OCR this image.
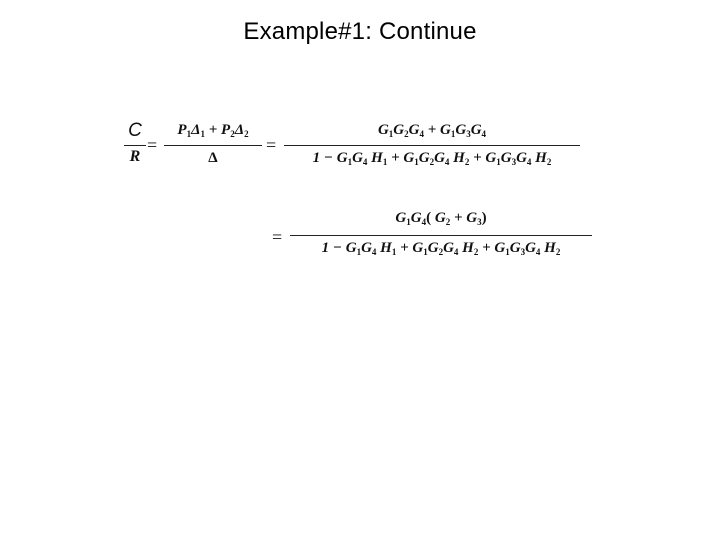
Example#1: Continue
C
R
=
$P_1\Delta_1 + P_2\Delta_2$
Δ
=
$G_1G_2G_4 + G_1G_3G_4$
$1 - G_1G_4$ $H_1 + G_1G_2G_4$ $H_2 + G_1G_3G_4$ $H_2$
=
$G_1G_4$( $G_2 + G_3$)
$1 - G_1G_4$ $H_1 + G_1G_2G_4$ $H_2 + G_1G_3G_4$ $H_2$
